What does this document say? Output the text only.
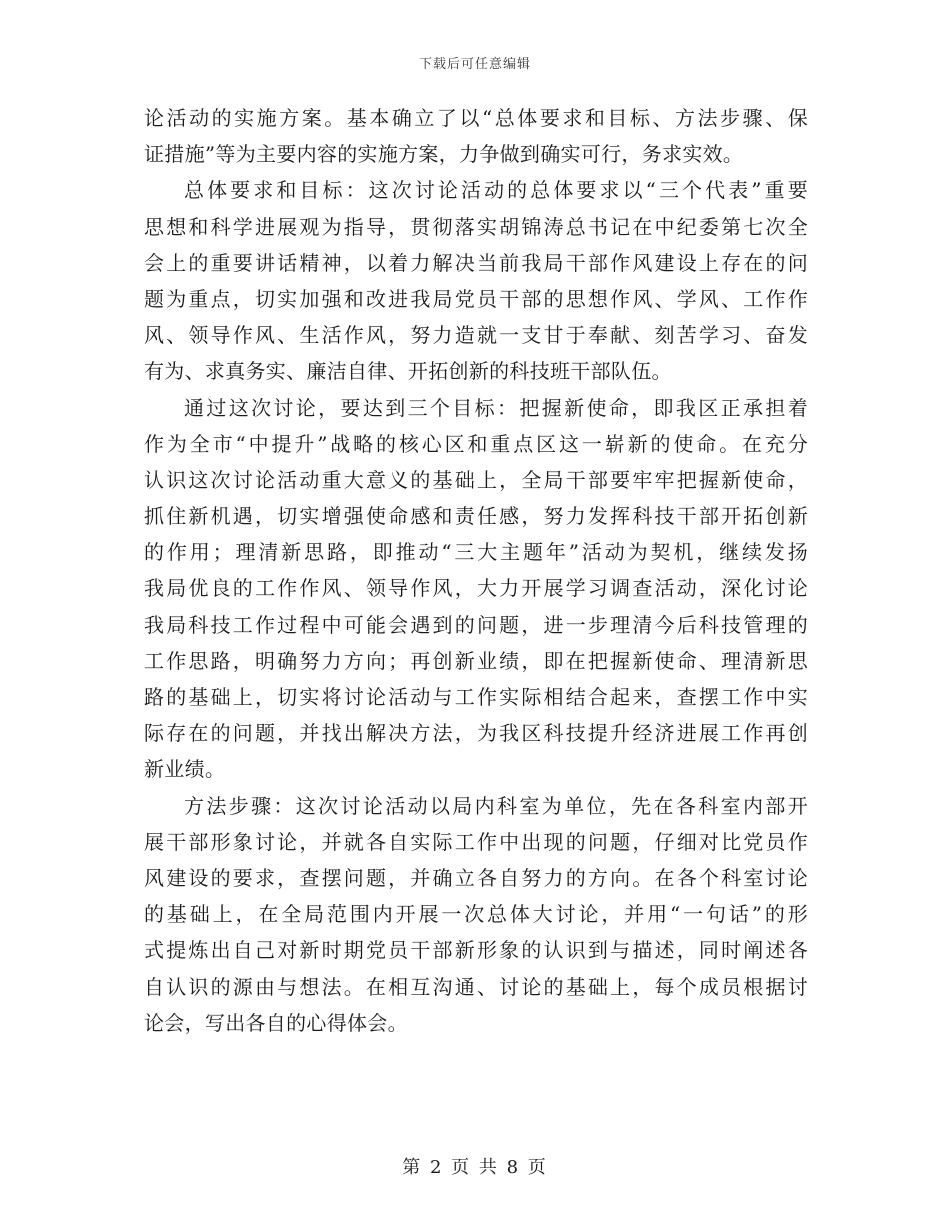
下载后可任意编辑
论活动的实施方案。基本确立了以“总体要求和目标、方法步骤、保
证措施”等为主要内容的实施方案，力争做到确实可行，务求实效。
总体要求和目标：这次讨论活动的总体要求以“三个代表”重要
思想和科学进展观为指导，贯彻落实胡锦涛总书记在中纪委第七次全
会上的重要讲话精神，以着力解决当前我局干部作风建设上存在的问
题为重点，切实加强和改进我局党员干部的思想作风、学风、工作作
风、领导作风、生活作风，努力造就一支甘于奉献、刻苦学习、奋发
有为、求真务实、廉洁自律、开拓创新的科技班干部队伍。
通过这次讨论，要达到三个目标：把握新使命，即我区正承担着
作为全市“中提升”战略的核心区和重点区这一崭新的使命。在充分
认识这次讨论活动重大意义的基础上，全局干部要牢牢把握新使命，
抓住新机遇，切实增强使命感和责任感，努力发挥科技干部开拓创新
的作用；理清新思路，即推动“三大主题年”活动为契机，继续发扬
我局优良的工作作风、领导作风，大力开展学习调查活动，深化讨论
我局科技工作过程中可能会遇到的问题，进一步理清今后科技管理的
工作思路，明确努力方向；再创新业绩，即在把握新使命、理清新思
路的基础上，切实将讨论活动与工作实际相结合起来，查摆工作中实
际存在的问题，并找出解决方法，为我区科技提升经济进展工作再创
新业绩。
方法步骤：这次讨论活动以局内科室为单位，先在各科室内部开
展干部形象讨论，并就各自实际工作中出现的问题，仔细对比党员作
风建设的要求，查摆问题，并确立各自努力的方向。在各个科室讨论
的基础上，在全局范围内开展一次总体大讨论，并用“一句话”的形
式提炼出自己对新时期党员干部新形象的认识到与描述，同时阐述各
自认识的源由与想法。在相互沟通、讨论的基础上，每个成员根据讨
论会，写出各自的心得体会。
第 2 页 共 8 页
